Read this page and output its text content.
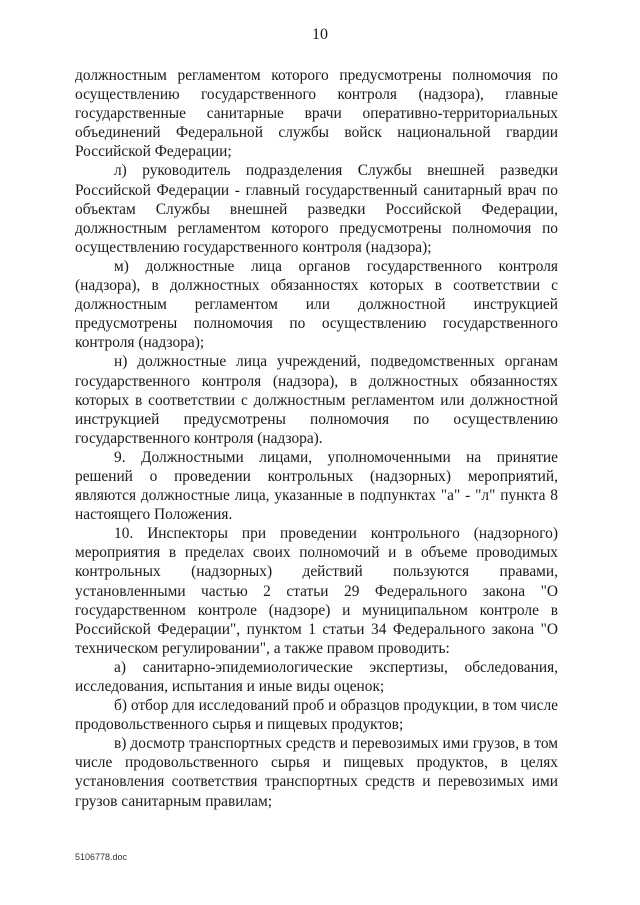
10

должностным регламентом которого предусмотрены полномочия по осуществлению государственного контроля (надзора), главные государственные санитарные врачи оперативно-территориальных объединений Федеральной службы войск национальной гвардии Российской Федерации;

л) руководитель подразделения Службы внешней разведки Российской Федерации - главный государственный санитарный врач по объектам Службы внешней разведки Российской Федерации, должностным регламентом которого предусмотрены полномочия по осуществлению государственного контроля (надзора);

м) должностные лица органов государственного контроля (надзора), в должностных обязанностях которых в соответствии с должностным регламентом или должностной инструкцией предусмотрены полномочия по осуществлению государственного контроля (надзора);

н) должностные лица учреждений, подведомственных органам государственного контроля (надзора), в должностных обязанностях которых в соответствии с должностным регламентом или должностной инструкцией предусмотрены полномочия по осуществлению государственного контроля (надзора).

9. Должностными лицами, уполномоченными на принятие решений о проведении контрольных (надзорных) мероприятий, являются должностные лица, указанные в подпунктах "а" - "л" пункта 8 настоящего Положения.

10. Инспекторы при проведении контрольного (надзорного) мероприятия в пределах своих полномочий и в объеме проводимых контрольных (надзорных) действий пользуются правами, установленными частью 2 статьи 29 Федерального закона "О государственном контроле (надзоре) и муниципальном контроле в Российской Федерации", пунктом 1 статьи 34 Федерального закона "О техническом регулировании", а также правом проводить:

а) санитарно-эпидемиологические экспертизы, обследования, исследования, испытания и иные виды оценок;

б) отбор для исследований проб и образцов продукции, в том числе продовольственного сырья и пищевых продуктов;

в) досмотр транспортных средств и перевозимых ими грузов, в том числе продовольственного сырья и пищевых продуктов, в целях установления соответствия транспортных средств и перевозимых ими грузов санитарным правилам;

5106778.doc
